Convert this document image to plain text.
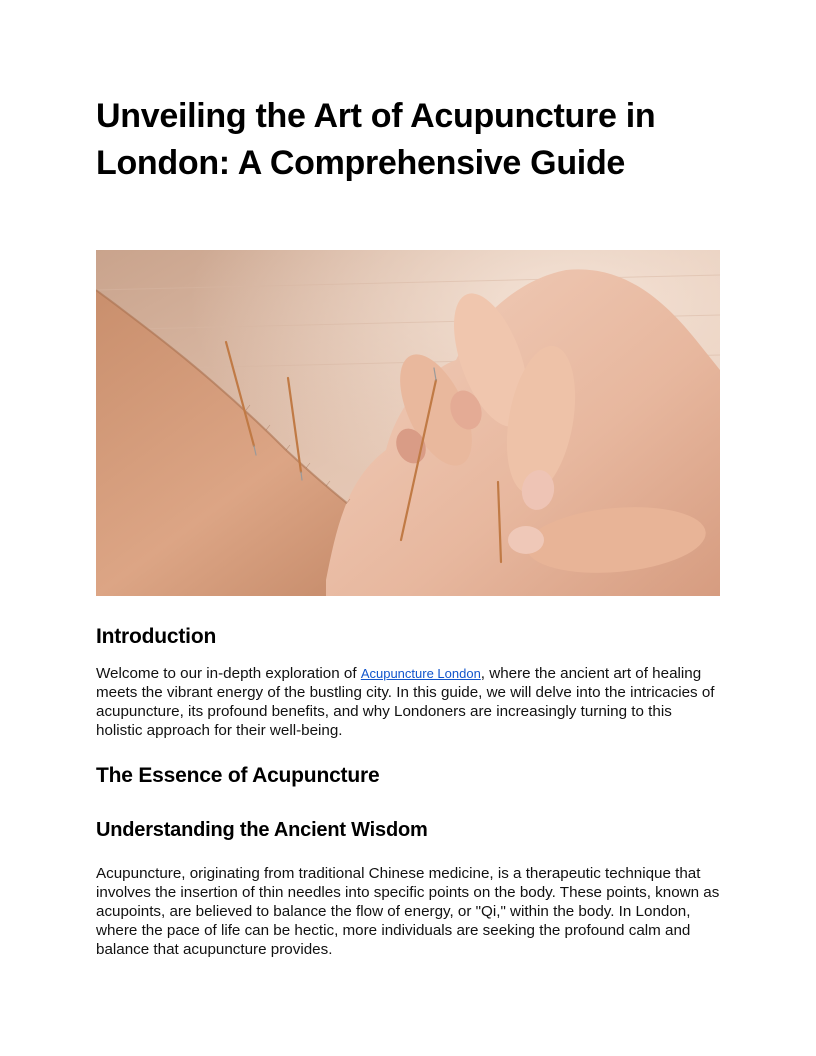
Unveiling the Art of Acupuncture in London: A Comprehensive Guide
Introduction

Welcome to our in-depth exploration of Acupuncture London, where the ancient art of healing meets the vibrant energy of the bustling city. In this guide, we will delve into the intricacies of acupuncture, its profound benefits, and why Londoners are increasingly turning to this holistic approach for their well-being.

The Essence of Acupuncture
Understanding the Ancient Wisdom

Acupuncture, originating from traditional Chinese medicine, is a therapeutic technique that involves the insertion of thin needles into specific points on the body. These points, known as acupoints, are believed to balance the flow of energy, or "Qi," within the body. In London, where the pace of life can be hectic, more individuals are seeking the profound calm and balance that acupuncture provides.
